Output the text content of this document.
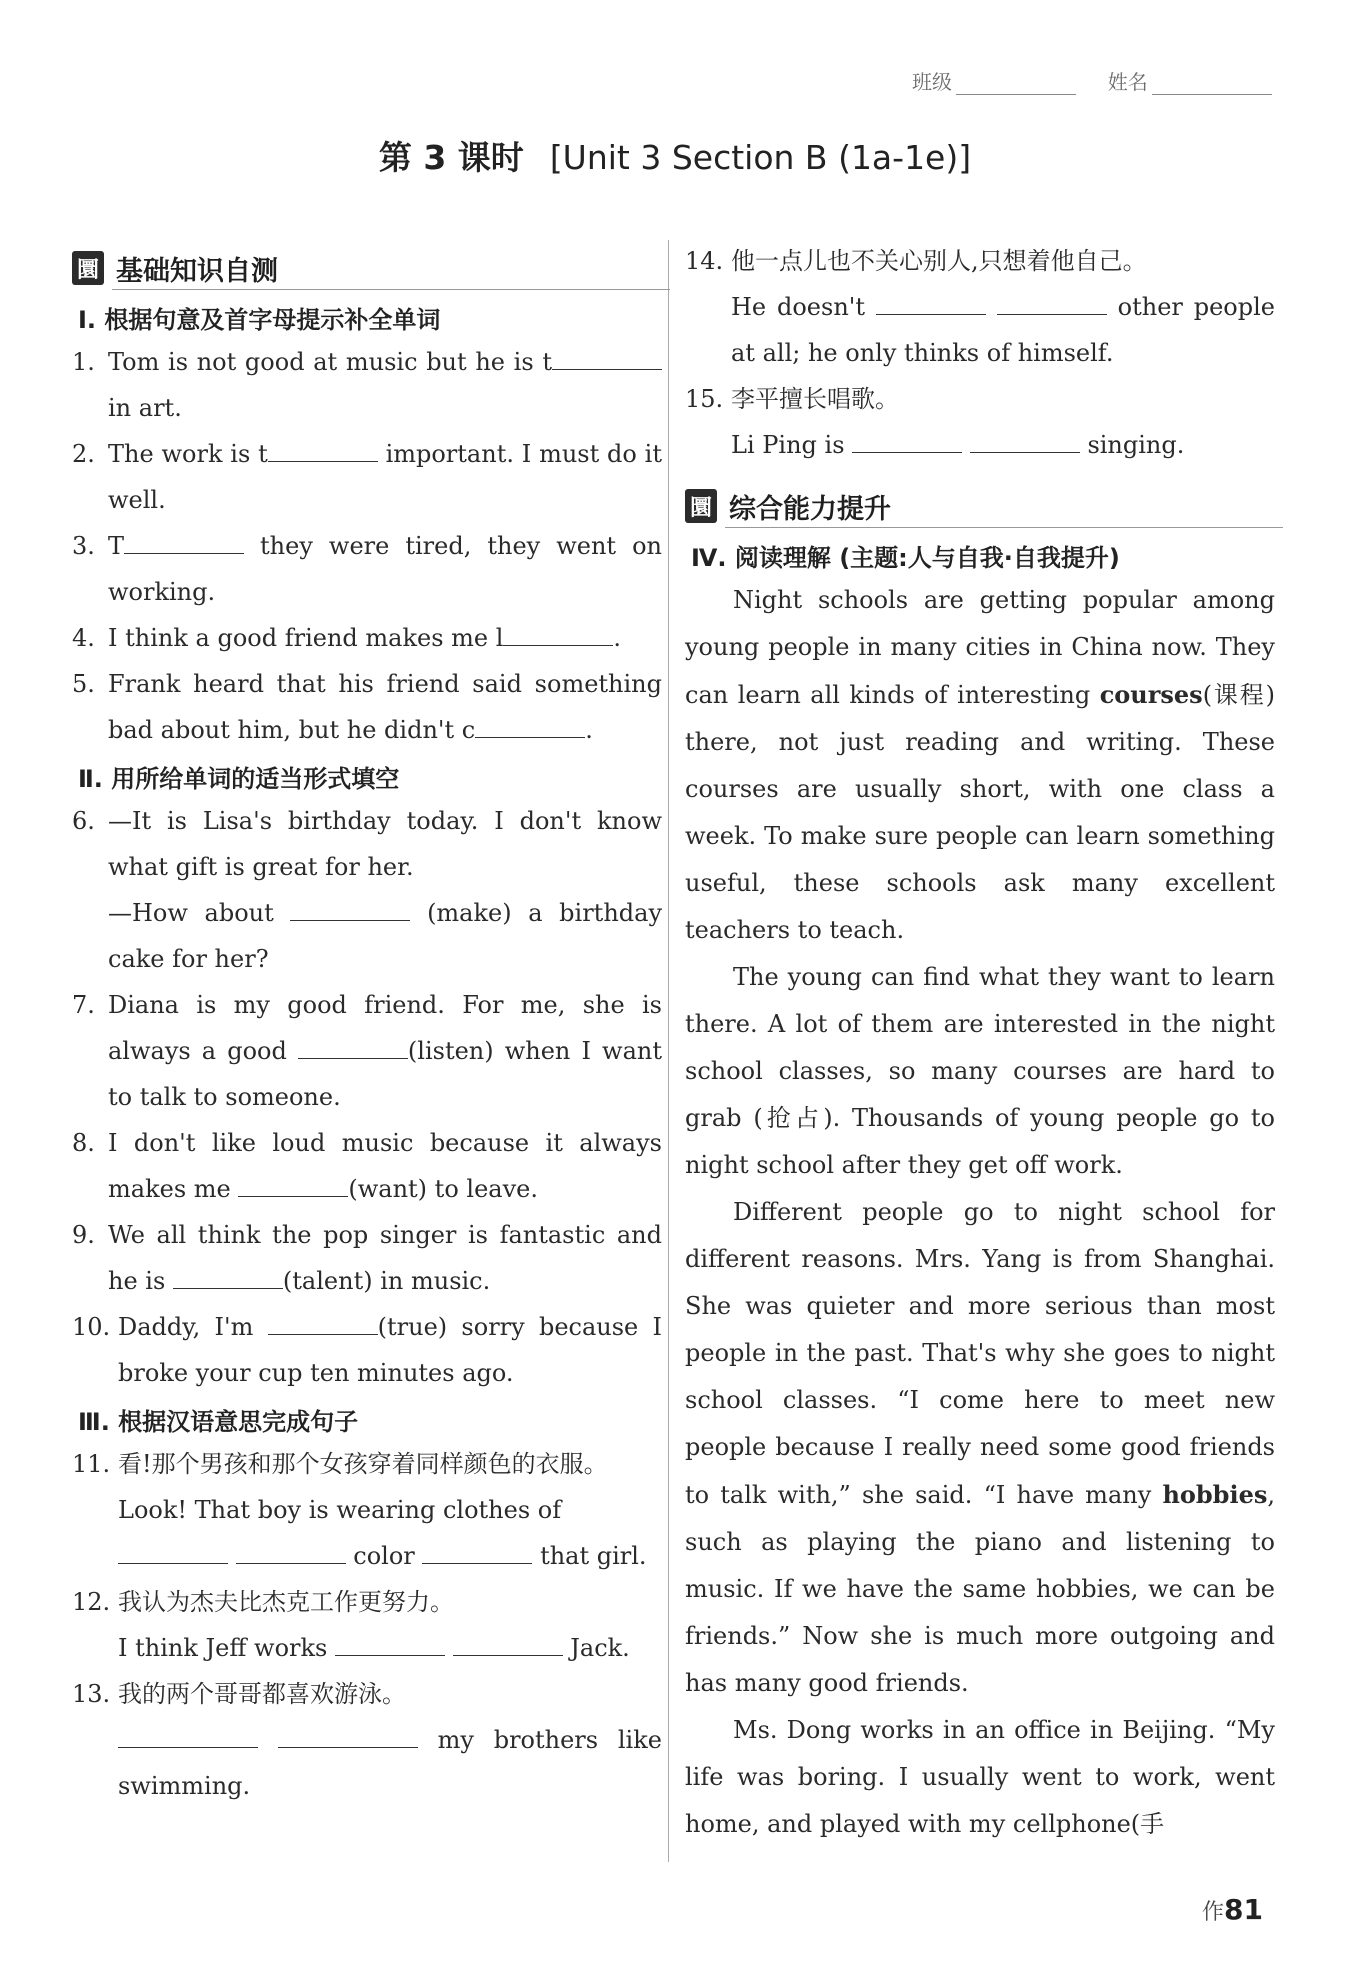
班级	姓名
第 3 课时 [Unit 3 Section B (1a-1e)]
圜 基础知识自测
Ⅰ. 根据句意及首字母提示补全单词
1. Tom is not good at music but he is t in art.
2. The work is t	important. I must do it well.
3. T	they were tired, they went on working.
4. I think a good friend makes me l	.
5. Frank heard that his friend said something bad about him, but he didn't c	.
Ⅱ. 用所给单词的适当形式填空
6. —It is Lisa's birthday today. I don't know what gift is great for her.
—How about	(make) a birthday cake for her?
7. Diana is my good friend. For me, she is always a good	(listen) when I want to talk to someone.
8. I don't like loud music because it always makes me	(want) to leave.
9. We all think the pop singer is fantastic and he is	(talent) in music.
10. Daddy, I'm	(true) sorry because I broke your cup ten minutes ago.
Ⅲ. 根据汉语意思完成句子
11. 看!那个男孩和那个女孩穿着同样颜色的衣服。
Look! That boy is wearing clothes of
color	that girl.
12. 我认为杰夫比杰克工作更努力。
I think Jeff works	Jack.
13. 我的两个哥哥都喜欢游泳。
my brothers like swimming.
14. 他一点儿也不关心别人,只想着他自己。
He doesn't	other people at all; he only thinks of himself.
15. 李平擅长唱歌。
Li Ping is	singing.
圜 综合能力提升
Ⅳ. 阅读理解 (主题:人与自我·自我提升)
Night schools are getting popular among young people in many cities in China now. They can learn all kinds of interesting courses(课程) there, not just reading and writing. These courses are usually short, with one class a week. To make sure people can learn something useful, these schools ask many excellent teachers to teach.
The young can find what they want to learn there. A lot of them are interested in the night school classes, so many courses are hard to grab (抢占). Thousands of young people go to night school after they get off work.
Different people go to night school for different reasons. Mrs. Yang is from Shanghai. She was quieter and more serious than most people in the past. That's why she goes to night school classes. “I come here to meet new people because I really need some good friends to talk with,” she said. “I have many hobbies, such as playing the piano and listening to music. If we have the same hobbies, we can be friends.” Now she is much more outgoing and has many good friends.
Ms. Dong works in an office in Beijing. “My life was boring. I usually went to work, went home, and played with my cellphone(手
作81
